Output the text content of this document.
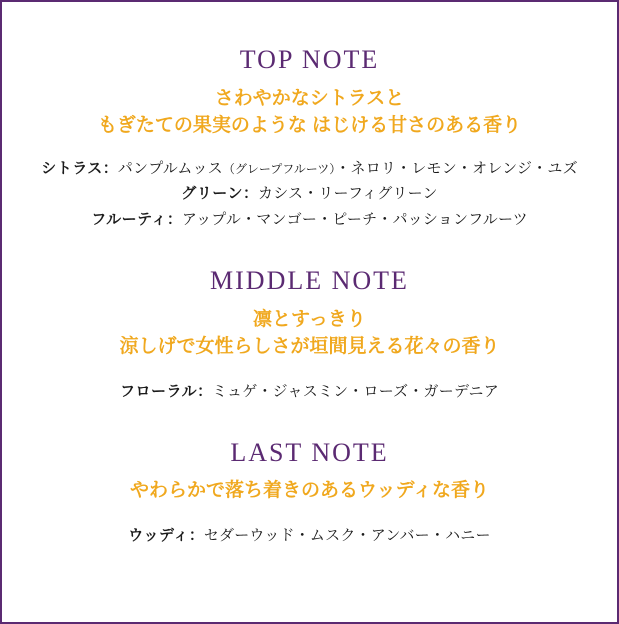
TOP NOTE
さわやかなシトラスと
もぎたての果実のような はじける甘さのある香り
シトラス：パンプルムッス（グレープフルーツ）・ネロリ・レモン・オレンジ・ユズ
グリーン：カシス・リーフィグリーン
フルーティ：アップル・マンゴー・ピーチ・パッションフルーツ
MIDDLE NOTE
凛とすっきり
涼しげで女性らしさが垣間見える花々の香り
フローラル：ミュゲ・ジャスミン・ローズ・ガーデニア
LAST NOTE
やわらかで落ち着きのあるウッディな香り
ウッディ：セダーウッド・ムスク・アンバー・ハニー
